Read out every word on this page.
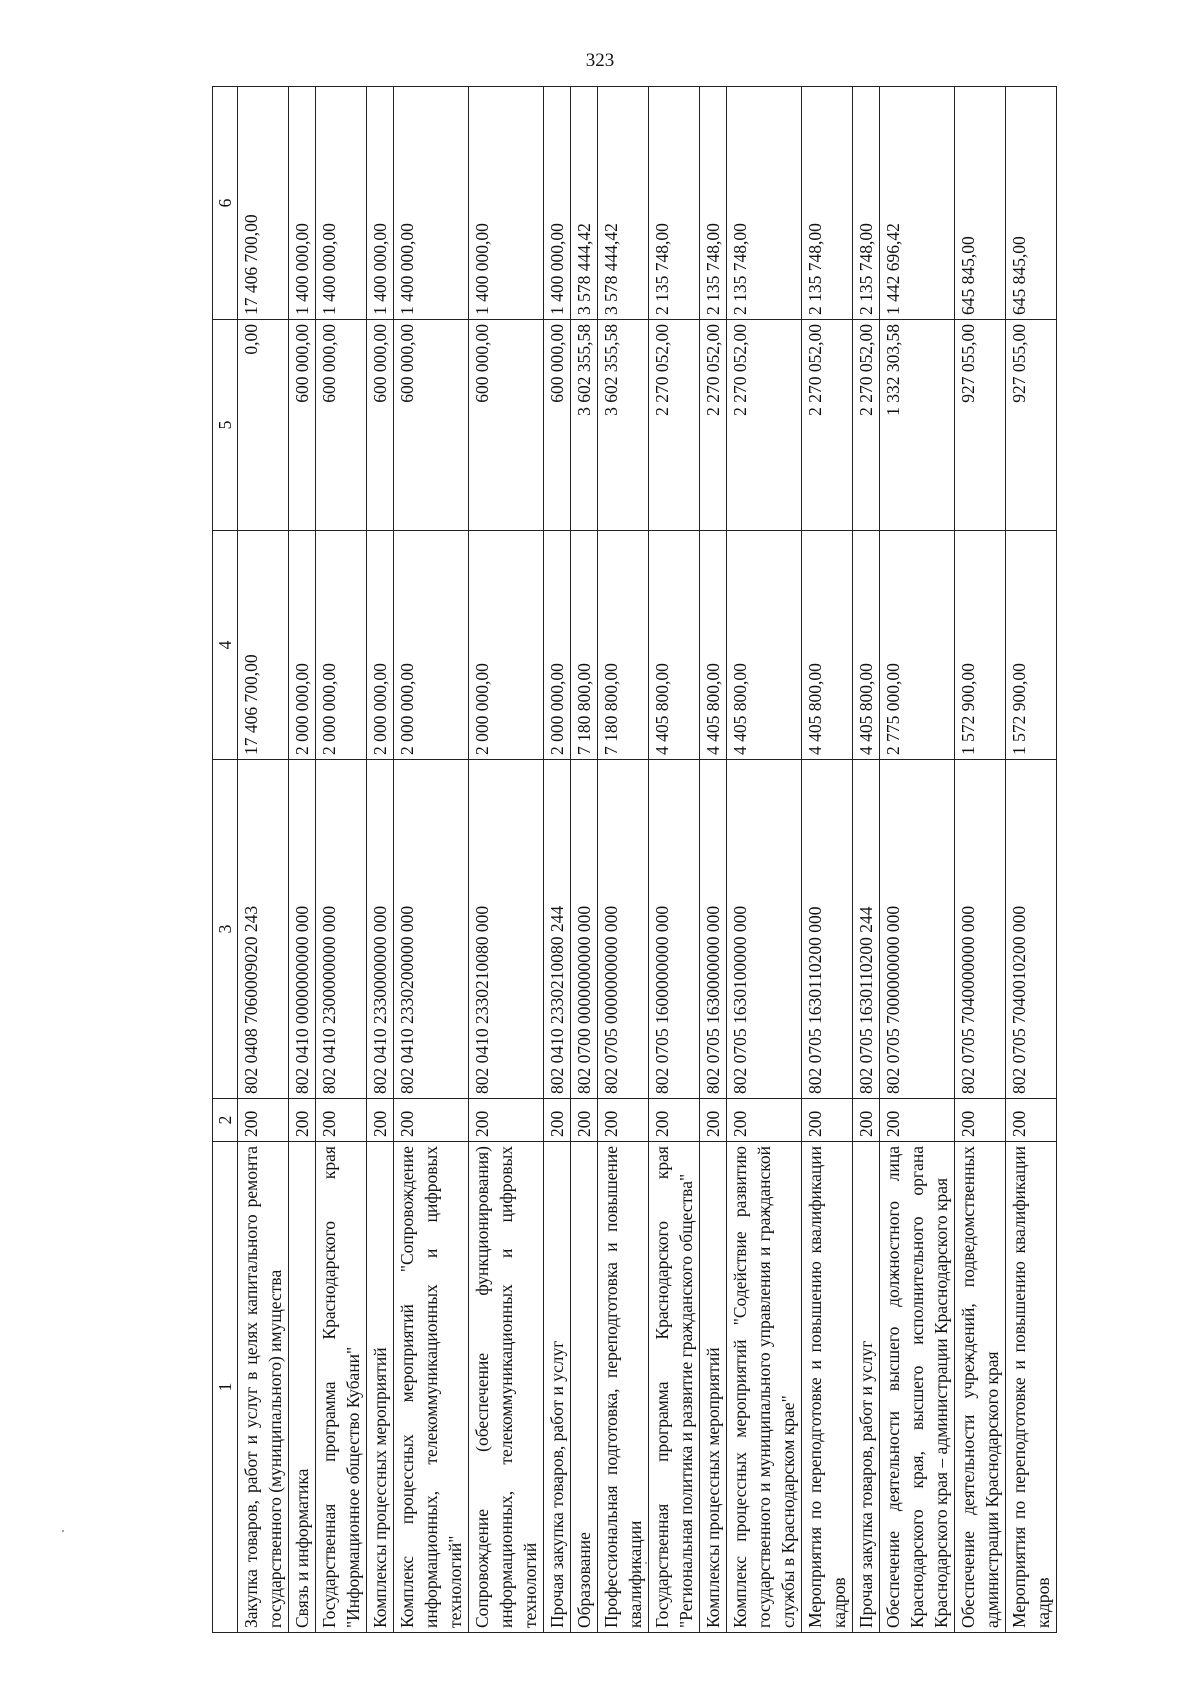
323
1	2	3	4	5	6
Закупка товаров, работ и услуг в целях капитального ремонта государственного (муниципального) имущества	200	802 0408 7060009020 243	17 406 700,00	0,00	17 406 700,00
Связь и информатика	200	802 0410 0000000000 000	2 000 000,00	600 000,00	1 400 000,00
Государственная программа Краснодарского края "Информационное общество Кубани"	200	802 0410 2300000000 000	2 000 000,00	600 000,00	1 400 000,00
Комплексы процессных мероприятий	200	802 0410 2330000000 000	2 000 000,00	600 000,00	1 400 000,00
Комплекс процессных мероприятий "Сопровождение информационных, телекоммуникационных и цифровых технологий"	200	802 0410 2330200000 000	2 000 000,00	600 000,00	1 400 000,00
Сопровождение (обеспечение функционирования) информационных, телекоммуникационных и цифровых технологий	200	802 0410 2330210080 000	2 000 000,00	600 000,00	1 400 000,00
Прочая закупка товаров, работ и услуг	200	802 0410 2330210080 244	2 000 000,00	600 000,00	1 400 000,00
Образование	200	802 0700 0000000000 000	7 180 800,00	3 602 355,58	3 578 444,42
Профессиональная подготовка, переподготовка и повышение квалификации	200	802 0705 0000000000 000	7 180 800,00	3 602 355,58	3 578 444,42
Государственная программа Краснодарского края "Региональная политика и развитие гражданского общества"	200	802 0705 1600000000 000	4 405 800,00	2 270 052,00	2 135 748,00
Комплексы процессных мероприятий	200	802 0705 1630000000 000	4 405 800,00	2 270 052,00	2 135 748,00
Комплекс процессных мероприятий "Содействие развитию государственного и муниципального управления и гражданской службы в Краснодарском крае"	200	802 0705 1630100000 000	4 405 800,00	2 270 052,00	2 135 748,00
Мероприятия по переподготовке и повышению квалификации кадров	200	802 0705 1630110200 000	4 405 800,00	2 270 052,00	2 135 748,00
Прочая закупка товаров, работ и услуг	200	802 0705 1630110200 244	4 405 800,00	2 270 052,00	2 135 748,00
Обеспечение деятельности высшего должностного лица Краснодарского края, высшего исполнительного органа Краснодарского края – администрации Краснодарского края	200	802 0705 7000000000 000	2 775 000,00	1 332 303,58	1 442 696,42
Обеспечение деятельности учреждений, подведомственных администрации Краснодарского края	200	802 0705 7040000000 000	1 572 900,00	927 055,00	645 845,00
Мероприятия по переподготовке и повышению квалификации кадров	200	802 0705 7040010200 000	1 572 900,00	927 055,00	645 845,00
